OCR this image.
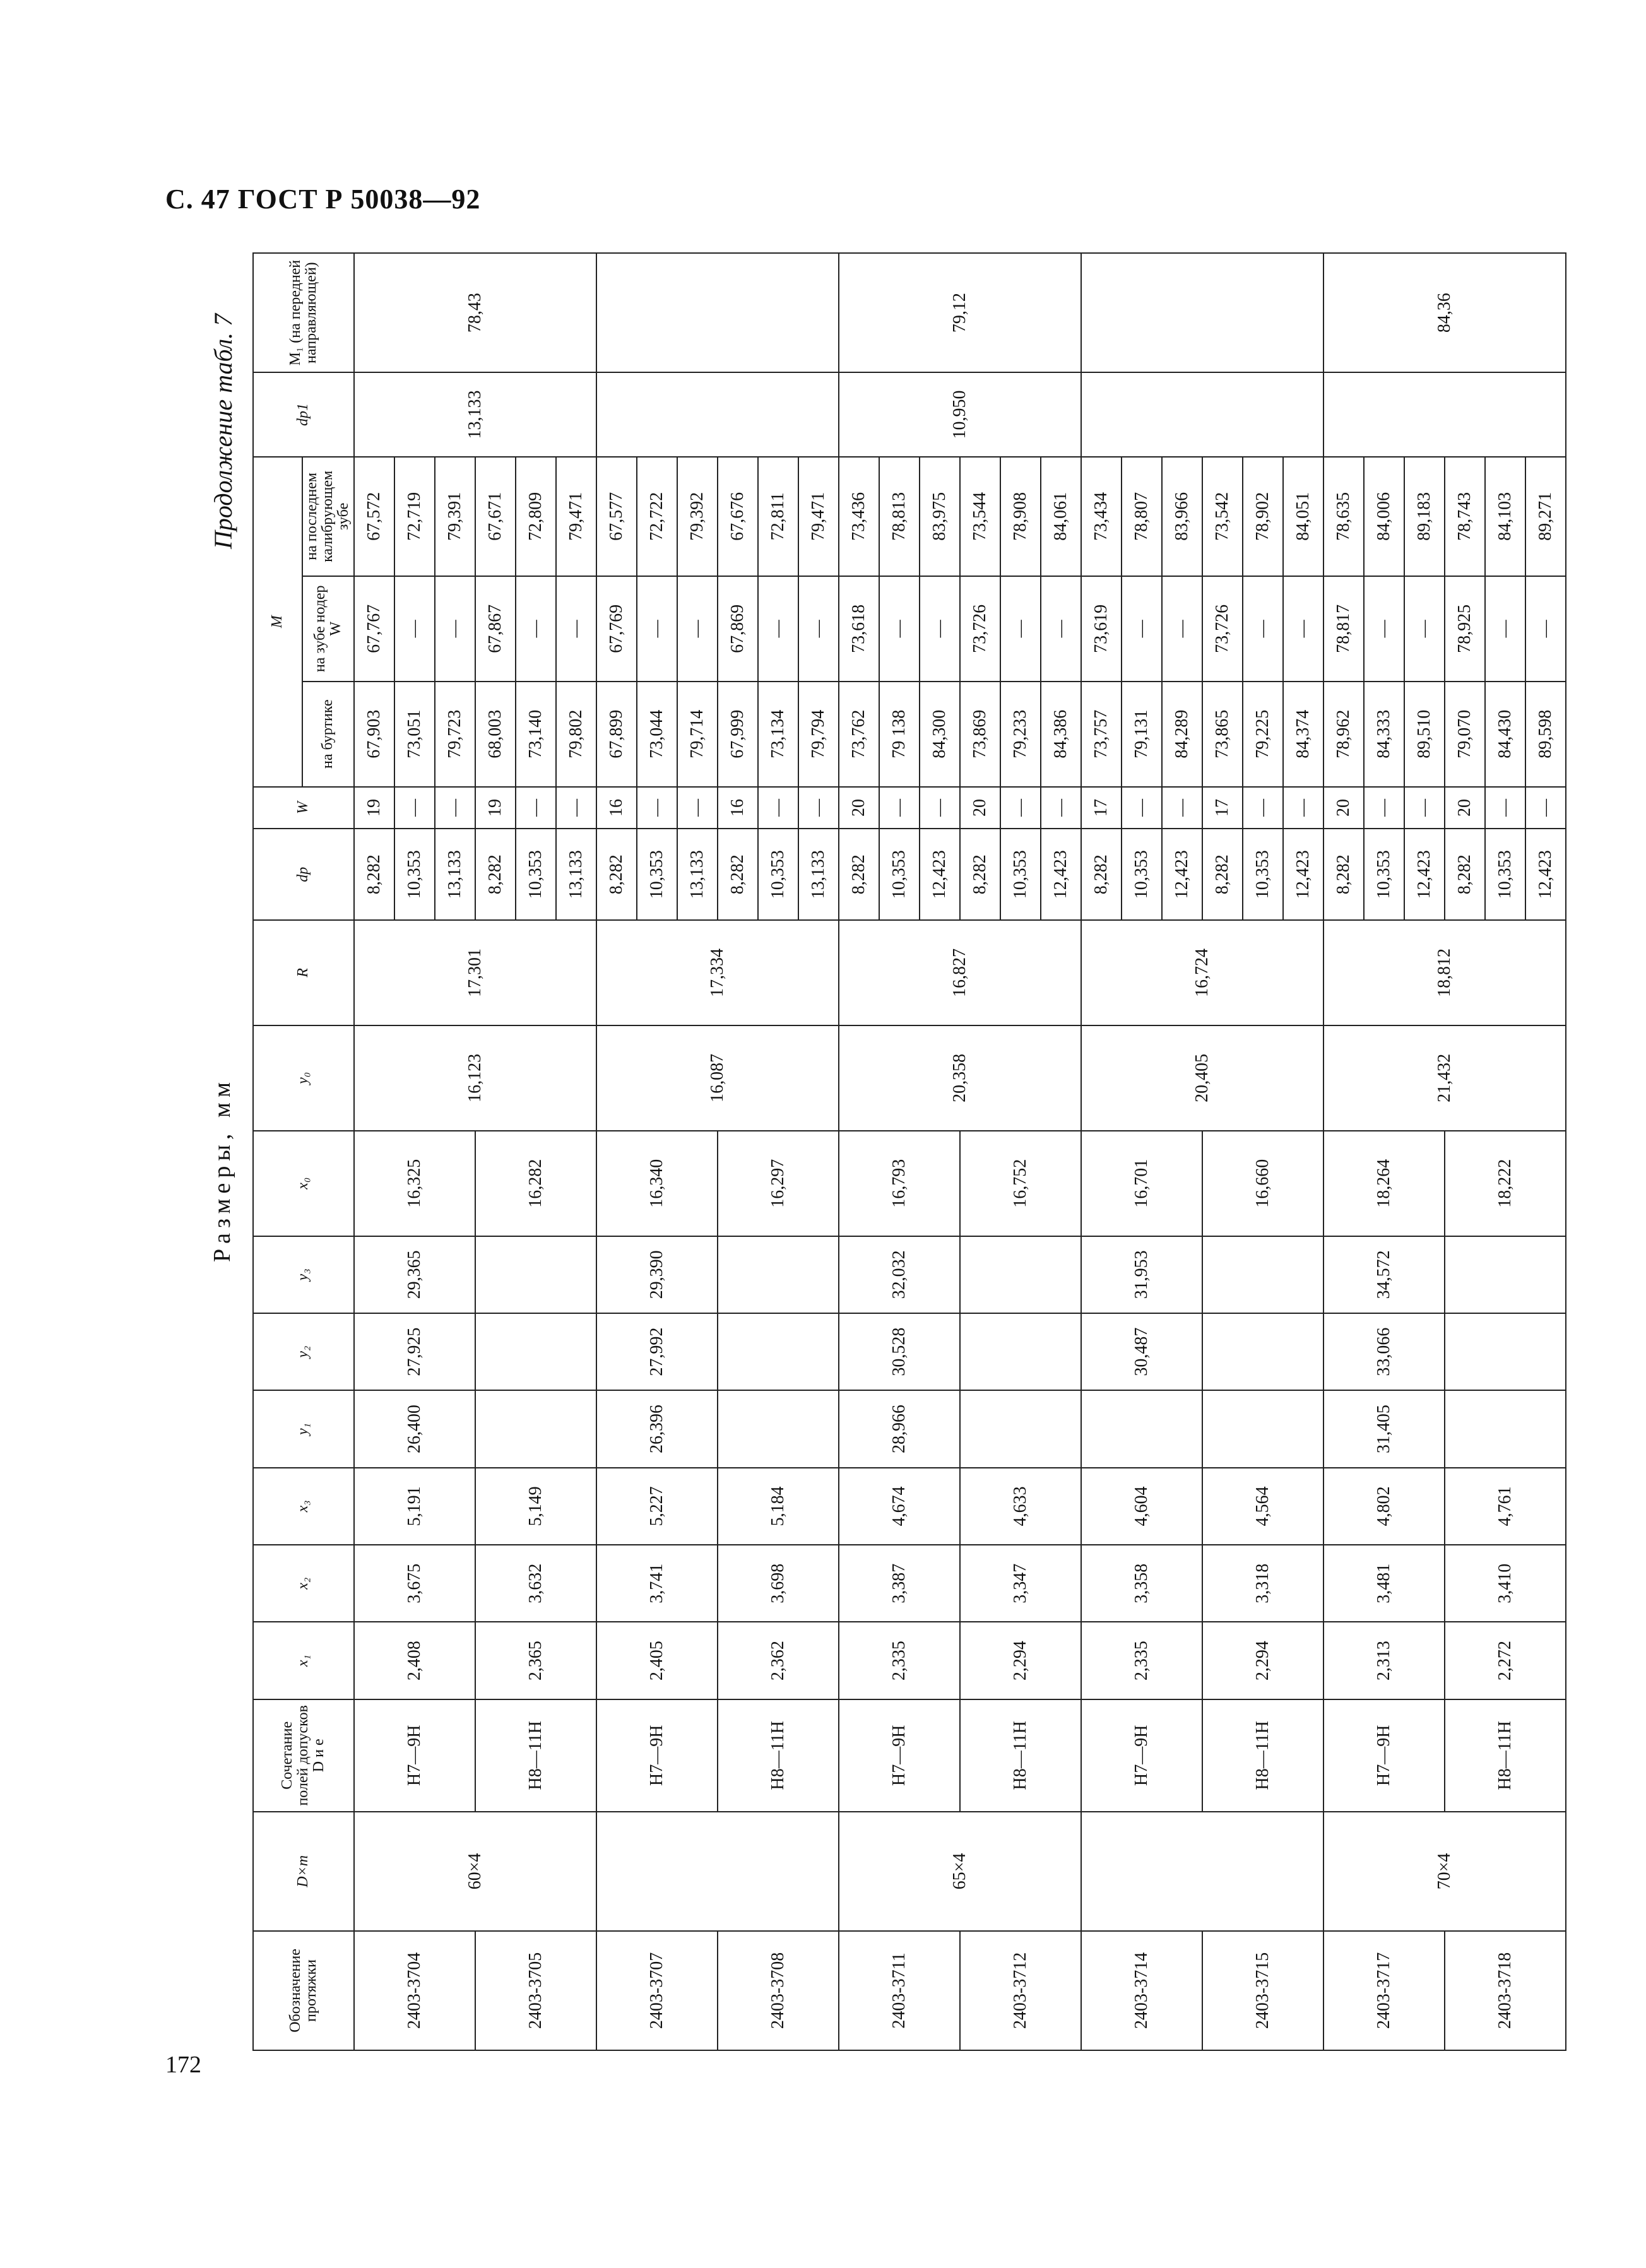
С. 47 ГОСТ Р 50038—92
Продолжение табл. 7
Размеры, мм
Обозначение протяжки	D×m	Сочетание полей допусков D и e	x₁	x₂	x₃	y₁	y₂	y₃	x₀	y₀	R	dp	W	M			dp1	M₁ (на передней направляющей)
														на буртике	на зубе нодер W	на последнем калибрующем зубе		
2403-3704	60×4	H7—9H	2,408	3,675	5,191	26,400	27,925	29,365	16,325	16,123	17,301	8,282	19	67,903	67,767	67,572	13,133	78,43
												10,353	—	73,051	—	72,719		
												13,133	—	79,723	—	79,391		
2403-3705		H8—11H	2,365	3,632	5,149				16,282			8,282	19	68,003	67,867	67,671		
												10,353	—	73,140	—	72,809		
												13,133	—	79,802	—	79,471		
2403-3707		H7—9H	2,405	3,741	5,227	26,396	27,992	29,390	16,340	16,087	17,334	8,282	16	67,899	67,769	67,577		
												10,353	—	73,044	—	72,722		
												13,133	—	79,714	—	79,392		
2403-3708		H8—11H	2,362	3,698	5,184				16,297			8,282	16	67,999	67,869	67,676		
												10,353	—	73,134	—	72,811		
												13,133	—	79,794	—	79,471		
2403-3711	65×4	H7—9H	2,335	3,387	4,674	28,966	30,528	32,032	16,793	20,358	16,827	8,282	20	73,762	73,618	73,436	10,950	79,12
												10,353	—	79 138	—	78,813		
												12,423	—	84,300	—	83,975		
2403-3712		H8—11H	2,294	3,347	4,633				16,752			8,282	20	73,869	73,726	73,544		
												10,353	—	79,233	—	78,908		
												12,423	—	84,386	—	84,061		
2403-3714		H7—9H	2,335	3,358	4,604		30,487	31,953	16,701	20,405	16,724	8,282	17	73,757	73,619	73,434		
												10,353	—	79,131	—	78,807		
												12,423	—	84,289	—	83,966		
2403-3715		H8—11H	2,294	3,318	4,564				16,660			8,282	17	73,865	73,726	73,542		
												10,353	—	79,225	—	78,902		
												12,423	—	84,374	—	84,051		
2403-3717	70×4	H7—9H	2,313	3,481	4,802	31,405	33,066	34,572	18,264	21,432	18,812	8,282	20	78,962	78,817	78,635		84,36
												10,353	—	84,333	—	84,006		
												12,423	—	89,510	—	89,183		
2403-3718		H8—11H	2,272	3,410	4,761				18,222			8,282	20	79,070	78,925	78,743		
												10,353	—	84,430	—	84,103		
												12,423	—	89,598	—	89,271		
172
